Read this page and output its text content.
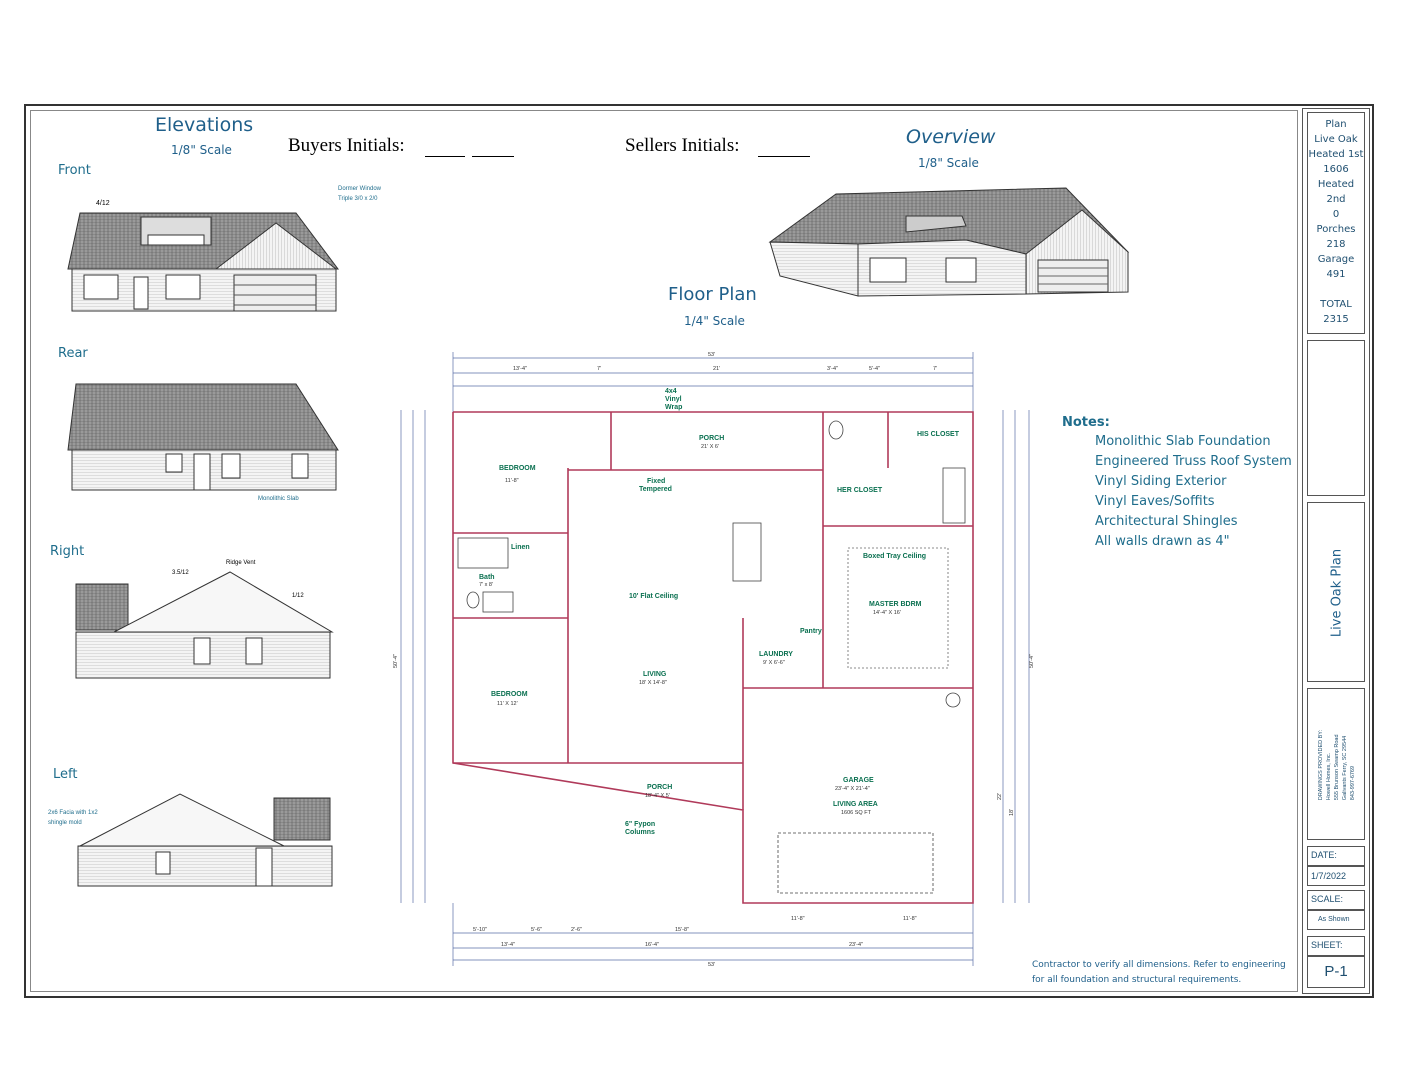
Elevations
1/8" Scale	Buyers Initials:	Sellers Initials:	Overview
1/8" Scale
Floor Plan
1/4" Scale
Front
4/12
Dormer Window
Triple 3/0 x 2/0
Rear
Monolithic Slab
Right
Ridge Vent
3.5/12
1/12
Left
2x6 Facia with 1x2
shingle mold
BEDROOM
11'-8"
Bath
7' x 8'
BEDROOM
11' X 12'
PORCH
21' X 6'
4x4
Vinyl
Wrap
Fixed
Tempered
10' Flat Ceiling
LIVING
18' X 14'-8"
LAUNDRY
9' X 6'-6"
Pantry
Linen
MASTER BDRM
14'-4" X 16'
Boxed Tray Ceiling
HIS CLOSET
HER CLOSET
GARAGE
23'-4" X 21'-4"
LIVING AREA
1606 SQ FT
PORCH
18'-4" X 5'
6" Fypon
Columns
53'
13'-4"	7'	21'	3'-4"	5'-4"	7'
5'-10"	5'-6"	2'-6"	15'-8"
11'-8"	11'-8"
13'-4"	16'-4"	23'-4"
53'
50'-4"	50'-4"
22'
18'
Notes:
Monolithic Slab Foundation
Engineered Truss Roof System
Vinyl Siding Exterior
Vinyl Eaves/Soffits
Architectural Shingles
All walls drawn as 4"
Contractor to verify all dimensions. Refer to engineering
for all foundation and structural requirements.
Plan
Live Oak
Heated 1st
1606
Heated 2nd
0
Porches
218
Garage
491
TOTAL
2315
Live Oak Plan
DRAWINGS PROVIDED BY: Howell Homes, Inc. 555 Brunson Swamp Road Galivants Ferry, SC 29544 843-997-6769
DATE:
1/7/2022
SCALE:
As Shown
SHEET:
P-1
